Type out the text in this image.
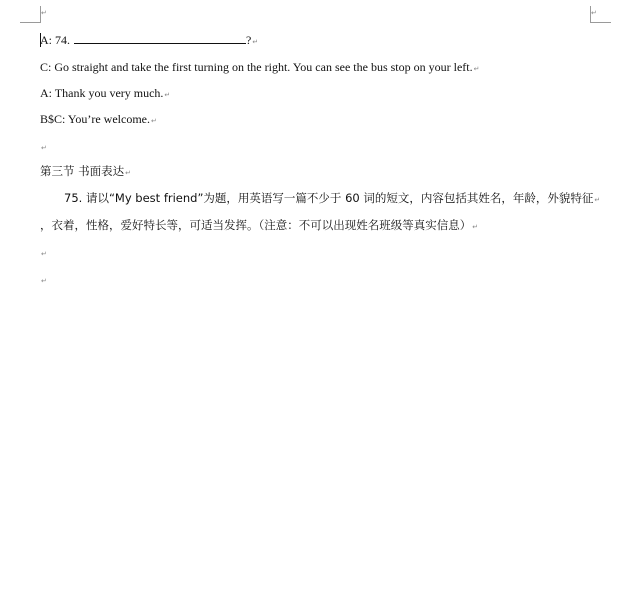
↵	↵
A: 74.	?↵
C: Go straight and take the first turning on the right. You can see the bus stop on your left.↵
A: Thank you very much.↵
B$C: You’re welcome.↵
↵
第三节 书面表达↵
75. 请以“My best friend”为题，用英语写一篇不少于 60 词的短文，内容包括其姓名，年龄，外貌特征↵
，衣着，性格，爱好特长等，可适当发挥。（注意：不可以出现姓名班级等真实信息）↵
↵
↵
